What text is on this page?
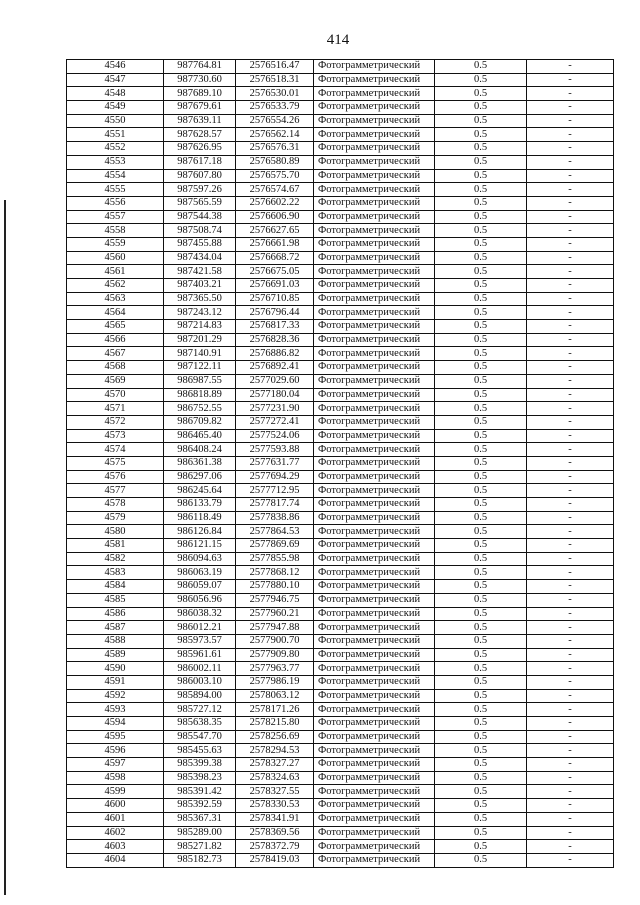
414
4546	987764.81	2576516.47	Фотограмметрический	0.5	-
4547	987730.60	2576518.31	Фотограмметрический	0.5	-
4548	987689.10	2576530.01	Фотограмметрический	0.5	-
4549	987679.61	2576533.79	Фотограмметрический	0.5	-
4550	987639.11	2576554.26	Фотограмметрический	0.5	-
4551	987628.57	2576562.14	Фотограмметрический	0.5	-
4552	987626.95	2576576.31	Фотограмметрический	0.5	-
4553	987617.18	2576580.89	Фотограмметрический	0.5	-
4554	987607.80	2576575.70	Фотограмметрический	0.5	-
4555	987597.26	2576574.67	Фотограмметрический	0.5	-
4556	987565.59	2576602.22	Фотограмметрический	0.5	-
4557	987544.38	2576606.90	Фотограмметрический	0.5	-
4558	987508.74	2576627.65	Фотограмметрический	0.5	-
4559	987455.88	2576661.98	Фотограмметрический	0.5	-
4560	987434.04	2576668.72	Фотограмметрический	0.5	-
4561	987421.58	2576675.05	Фотограмметрический	0.5	-
4562	987403.21	2576691.03	Фотограмметрический	0.5	-
4563	987365.50	2576710.85	Фотограмметрический	0.5	-
4564	987243.12	2576796.44	Фотограмметрический	0.5	-
4565	987214.83	2576817.33	Фотограмметрический	0.5	-
4566	987201.29	2576828.36	Фотограмметрический	0.5	-
4567	987140.91	2576886.82	Фотограмметрический	0.5	-
4568	987122.11	2576892.41	Фотограмметрический	0.5	-
4569	986987.55	2577029.60	Фотограмметрический	0.5	-
4570	986818.89	2577180.04	Фотограмметрический	0.5	-
4571	986752.55	2577231.90	Фотограмметрический	0.5	-
4572	986709.82	2577272.41	Фотограмметрический	0.5	-
4573	986465.40	2577524.06	Фотограмметрический	0.5	-
4574	986408.24	2577593.88	Фотограмметрический	0.5	-
4575	986361.38	2577631.77	Фотограмметрический	0.5	-
4576	986297.06	2577694.29	Фотограмметрический	0.5	-
4577	986245.64	2577712.95	Фотограмметрический	0.5	-
4578	986133.79	2577817.74	Фотограмметрический	0.5	-
4579	986118.49	2577838.86	Фотограмметрический	0.5	-
4580	986126.84	2577864.53	Фотограмметрический	0.5	-
4581	986121.15	2577869.69	Фотограмметрический	0.5	-
4582	986094.63	2577855.98	Фотограмметрический	0.5	-
4583	986063.19	2577868.12	Фотограмметрический	0.5	-
4584	986059.07	2577880.10	Фотограмметрический	0.5	-
4585	986056.96	2577946.75	Фотограмметрический	0.5	-
4586	986038.32	2577960.21	Фотограмметрический	0.5	-
4587	986012.21	2577947.88	Фотограмметрический	0.5	-
4588	985973.57	2577900.70	Фотограмметрический	0.5	-
4589	985961.61	2577909.80	Фотограмметрический	0.5	-
4590	986002.11	2577963.77	Фотограмметрический	0.5	-
4591	986003.10	2577986.19	Фотограмметрический	0.5	-
4592	985894.00	2578063.12	Фотограмметрический	0.5	-
4593	985727.12	2578171.26	Фотограмметрический	0.5	-
4594	985638.35	2578215.80	Фотограмметрический	0.5	-
4595	985547.70	2578256.69	Фотограмметрический	0.5	-
4596	985455.63	2578294.53	Фотограмметрический	0.5	-
4597	985399.38	2578327.27	Фотограмметрический	0.5	-
4598	985398.23	2578324.63	Фотограмметрический	0.5	-
4599	985391.42	2578327.55	Фотограмметрический	0.5	-
4600	985392.59	2578330.53	Фотограмметрический	0.5	-
4601	985367.31	2578341.91	Фотограмметрический	0.5	-
4602	985289.00	2578369.56	Фотограмметрический	0.5	-
4603	985271.82	2578372.79	Фотограмметрический	0.5	-
4604	985182.73	2578419.03	Фотограмметрический	0.5	-
